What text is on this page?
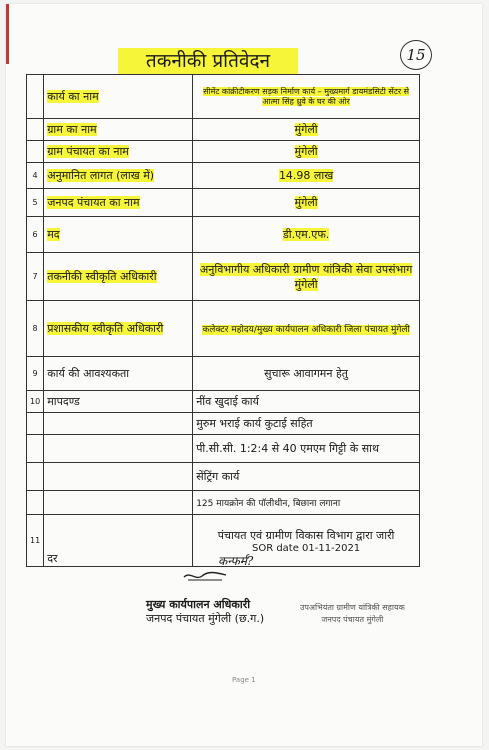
तकनीकी प्रतिवेदन	15
	कार्य का नाम	सीमेंट कांक्रीटीकरण सड़क निर्माण कार्य – मुख्यमार्ग डायमंडसिटी सेंटर से आत्मा सिंह ध्रुवे के घर की ओर
	ग्राम का नाम	मुंगेली
	ग्राम पंचायत का नाम	मुंगेली
4	अनुमानित लागत (लाख में)	14.98 लाख
5	जनपद पंचायत का नाम	मुंगेली
6	मद	डी.एम.एफ.
7	तकनीकी स्वीकृति अधिकारी	अनुविभागीय अधिकारी ग्रामीण यांत्रिकी सेवा उपसंभाग मुंगेली
8	प्रशासकीय स्वीकृति अधिकारी	कलेक्टर महोदय/मुख्य कार्यपालन अधिकारी जिला पंचायत मुंगेली
9	कार्य की आवश्यकता	सुचारू आवागमन हेतु
10	मापदण्ड	नींव खुदाई कार्य
		मुरुम भराई कार्य कुटाई सहित
		पी.सी.सी. 1:2:4 से 40 एमएम गिट्टी के साथ
		सेंट्रिंग कार्य
		125 मायक्रोन की पॉलीथीन, बिछाना लगाना
11	दर	पंचायत एवं ग्रामीण विकास विभाग द्वारा जारी
SOR date 01-11-2021
कन्फर्म?
मुख्य कार्यपालन अधिकारी
जनपद पंचायत मुंगेली (छ.ग.)
उपअभियंता ग्रामीण यांत्रिकी सहायक
जनपद पंचायत मुंगेली
Page 1
